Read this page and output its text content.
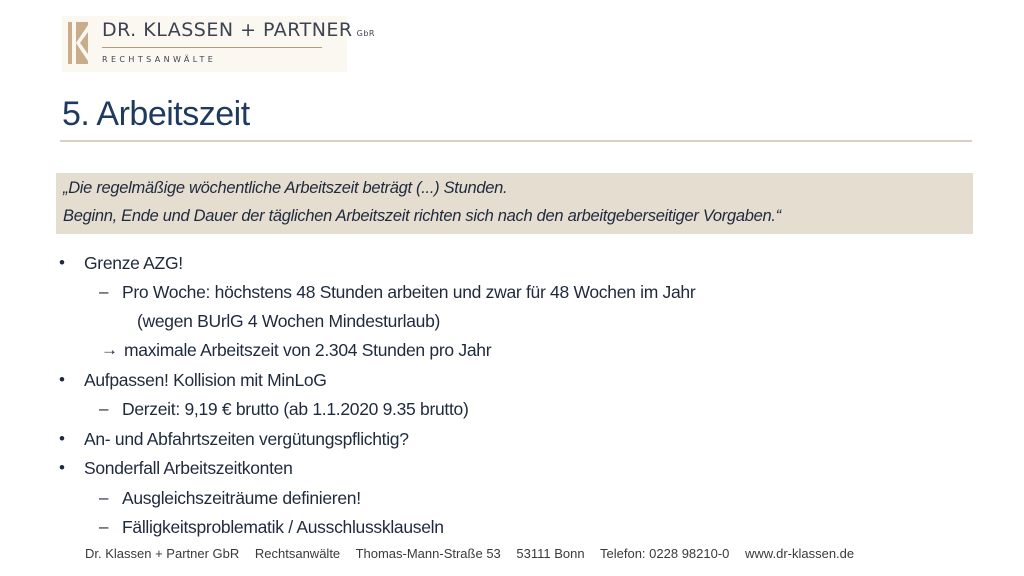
DR. KLASSEN + PARTNER GbR
RECHTSANWÄLTE
5. Arbeitszeit
„Die regelmäßige wöchentliche Arbeitszeit beträgt (...) Stunden.
Beginn, Ende und Dauer der täglichen Arbeitszeit richten sich nach den arbeitgeberseitiger Vorgaben.“
• Grenze AZG!
– Pro Woche: höchstens 48 Stunden arbeiten und zwar für 48 Wochen im Jahr
(wegen BUrlG 4 Wochen Mindesturlaub)
→ maximale Arbeitszeit von 2.304 Stunden pro Jahr
• Aufpassen! Kollision mit MinLoG
– Derzeit: 9,19 € brutto (ab 1.1.2020 9.35 brutto)
• An- und Abfahrtszeiten vergütungspflichtig?
• Sonderfall Arbeitszeitkonten
– Ausgleichszeiträume definieren!
– Fälligkeitsproblematik / Ausschlussklauseln
Dr. Klassen + Partner GbR Rechtsanwälte Thomas-Mann-Straße 53 53111 Bonn Telefon: 0228 98210-0 www.dr-klassen.de
